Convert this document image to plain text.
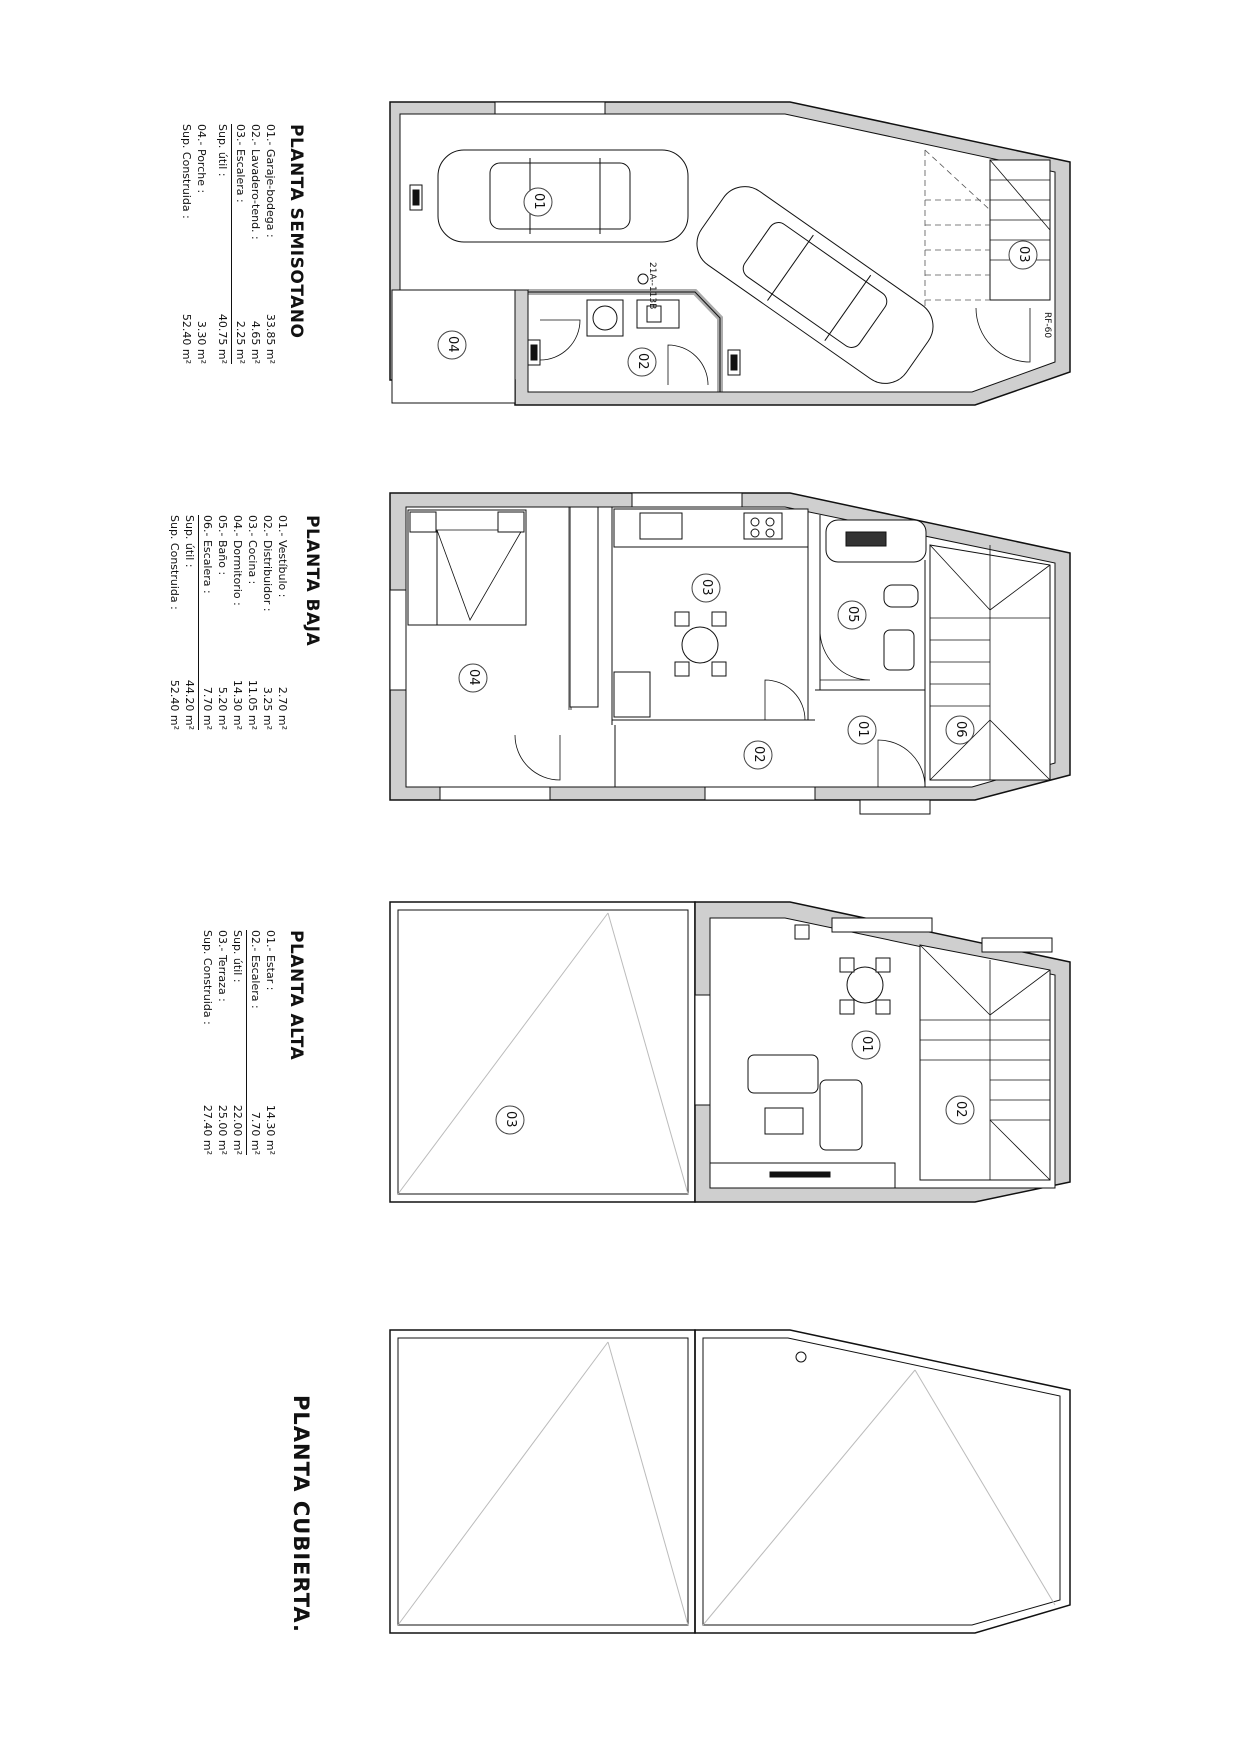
PLANTA SEMISOTANO
01.- Garaje-bodega :
33.85 m²
02.- Lavadero-tend. :
4.65 m²
03.- Escalera :
2.25 m²
Sup. útil :
40.75 m²
04.- Porche :
3.30 m²
Sup. Construida :
52.40 m²
PLANTA BAJA
01.- Vestíbulo :
2.70 m²
02.- Distribuidor :
3.25 m²
03.- Cocina :
11.05 m²
04.- Dormitorio :
14.30 m²
05.- Baño :
5.20 m²
06.- Escalera :
7.70 m²
Sup. útil :
44.20 m²
Sup. Construida :
52.40 m²
PLANTA ALTA
01.- Estar :
14.30 m²
02.- Escalera :
7.70 m²
Sup. útil :
22.00 m²
03.- Terraza :
25.00 m²
Sup. Construida :
27.40 m²
PLANTA CUBIERTA.
01
02
03
04
21A--113B
RF-60
01
02
03
04
05
06
01
02
03
